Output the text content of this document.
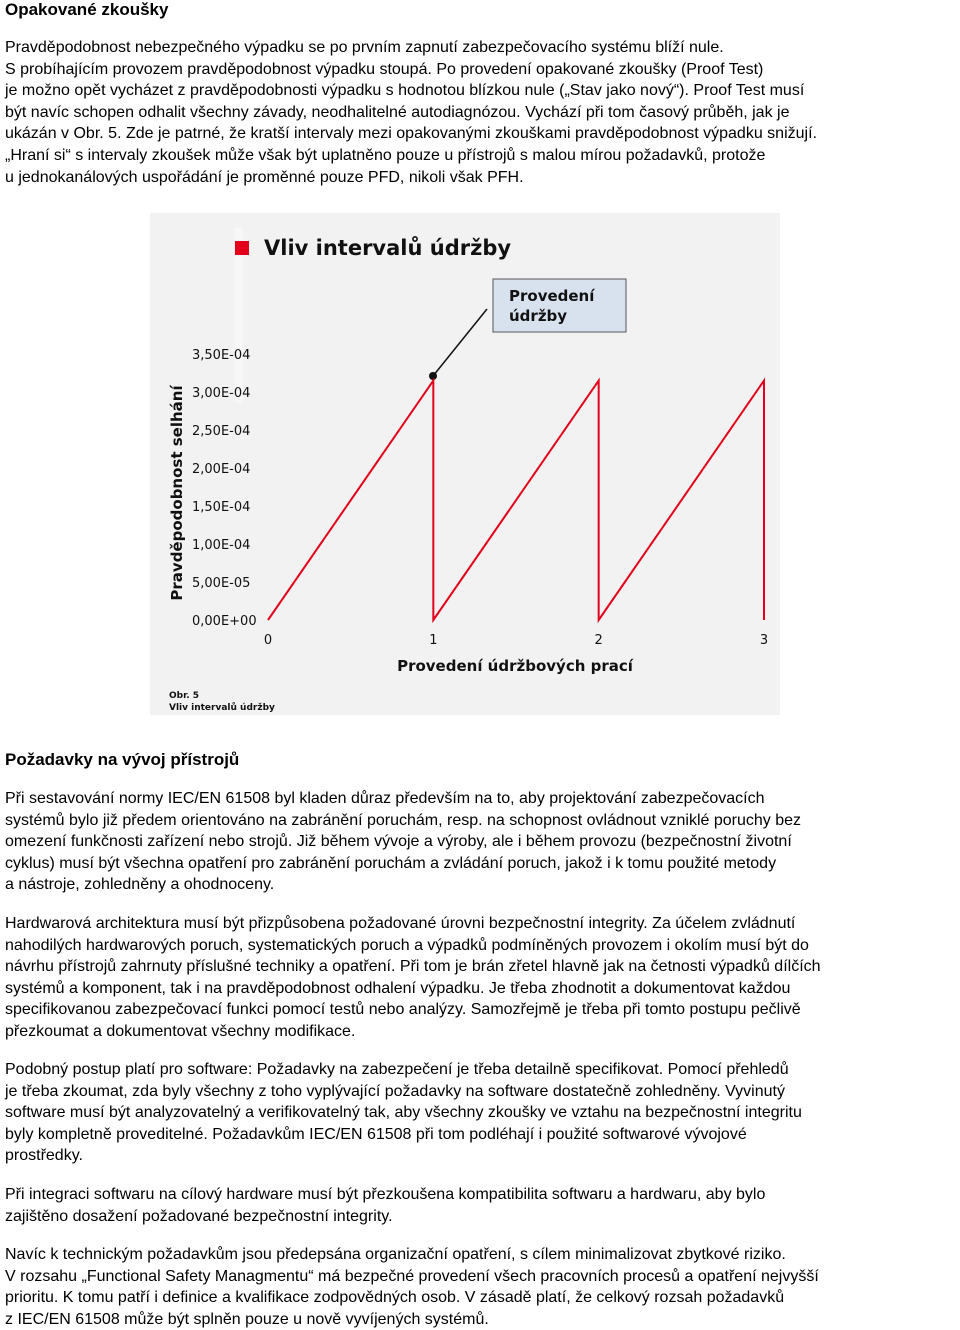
Opakované zkoušky

Pravděpodobnost nebezpečného výpadku se po prvním zapnutí zabezpečovacího systému blíží nule.
S probíhajícím provozem pravděpodobnost výpadku stoupá. Po provedení opakované zkoušky (Proof Test)
je možno opět vycházet z pravděpodobnosti výpadku s hodnotou blízkou nule („Stav jako nový“). Proof Test musí
být navíc schopen odhalit všechny závady, neodhalitelné autodiagnózou. Vychází při tom časový průběh, jak je
ukázán v Obr. 5. Zde je patrné, že kratší intervaly mezi opakovanými zkouškami pravděpodobnost výpadku snižují.
„Hraní si“ s intervaly zkoušek může však být uplatněno pouze u přístrojů s malou mírou požadavků, protože
u jednokanálových uspořádání je proměnné pouze PFD, nikoli však PFH.

Vliv intervalů údržby
Provedení
údržby
0,00E+00
5,00E-05
1,00E-04
1,50E-04
2,00E-04
2,50E-04
3,00E-04
3,50E-04
0	1	2	3
Pravděpodobnost selhání
Provedení údržbových prací
Obr. 5
Vliv intervalů údržby
Požadavky na vývoj přístrojů

Při sestavování normy IEC/EN 61508 byl kladen důraz především na to, aby projektování zabezpečovacích
systémů bylo již předem orientováno na zabránění poruchám, resp. na schopnost ovládnout vzniklé poruchy bez
omezení funkčnosti zařízení nebo strojů. Již během vývoje a výroby, ale i během provozu (bezpečnostní životní
cyklus) musí být všechna opatření pro zabránění poruchám a zvládání poruch, jakož i k tomu použité metody
a nástroje, zohledněny a ohodnoceny.

Hardwarová architektura musí být přizpůsobena požadované úrovni bezpečnostní integrity. Za účelem zvládnutí
nahodilých hardwarových poruch, systematických poruch a výpadků podmíněných provozem i okolím musí být do
návrhu přístrojů zahrnuty příslušné techniky a opatření. Při tom je brán zřetel hlavně jak na četnosti výpadků dílčích
systémů a komponent, tak i na pravděpodobnost odhalení výpadku. Je třeba zhodnotit a dokumentovat každou
specifikovanou zabezpečovací funkci pomocí testů nebo analýzy. Samozřejmě je třeba při tomto postupu pečlivě
přezkoumat a dokumentovat všechny modifikace.

Podobný postup platí pro software: Požadavky na zabezpečení je třeba detailně specifikovat. Pomocí přehledů
je třeba zkoumat, zda byly všechny z toho vyplývající požadavky na software dostatečně zohledněny. Vyvinutý
software musí být analyzovatelný a verifikovatelný tak, aby všechny zkoušky ve vztahu na bezpečnostní integritu
byly kompletně proveditelné. Požadavkům IEC/EN 61508 při tom podléhají i použité softwarové vývojové
prostředky.

Při integraci softwaru na cílový hardware musí být přezkoušena kompatibilita softwaru a hardwaru, aby bylo
zajištěno dosažení požadované bezpečnostní integrity.

Navíc k technickým požadavkům jsou předepsána organizační opatření, s cílem minimalizovat zbytkové riziko.
V rozsahu „Functional Safety Managmentu“ má bezpečné provedení všech pracovních procesů a opatření nejvyšší
prioritu. K tomu patří i definice a kvalifikace zodpovědných osob. V zásadě platí, že celkový rozsah požadavků
z IEC/EN 61508 může být splněn pouze u nově vyvíjených systémů.
